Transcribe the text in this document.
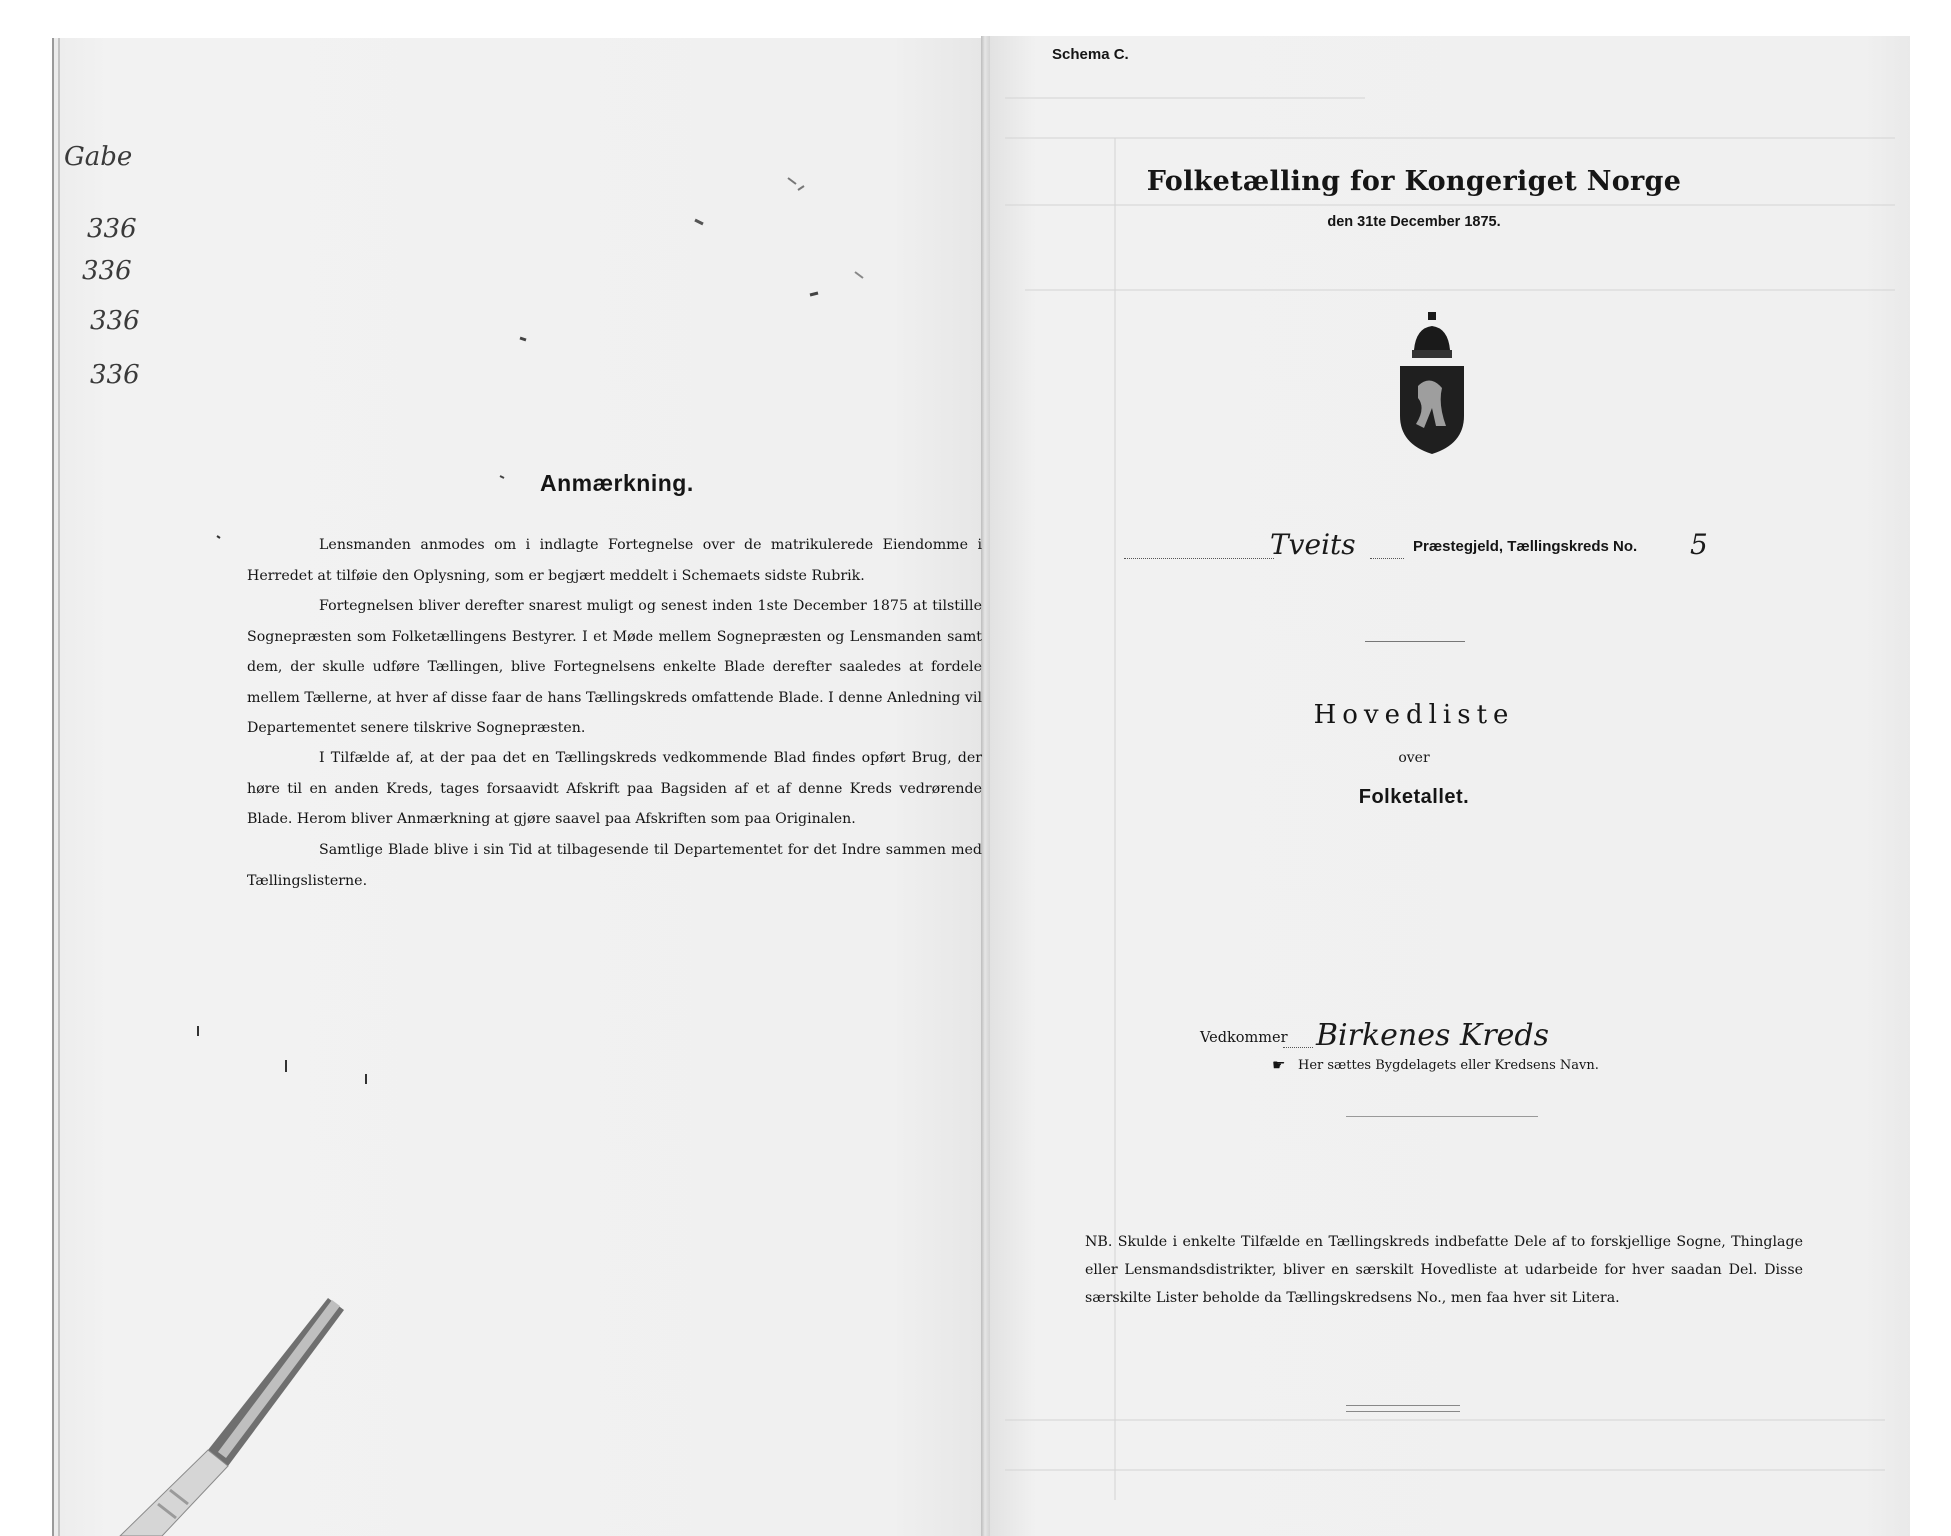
Gabe
336
336
336
336
Anmærkning.
Lensmanden anmodes om i indlagte Fortegnelse over de matrikulerede Eiendomme i Herredet at tilføie den Oplysning, som er begjært meddelt i Schemaets sidste Rubrik.
Fortegnelsen bliver derefter snarest muligt og senest inden 1ste December 1875 at tilstille Sognepræsten som Folketællingens Bestyrer. I et Møde mellem Sognepræsten og Lensmanden samt dem, der skulle udføre Tællingen, blive Fortegnelsens enkelte Blade derefter saaledes at fordele mellem Tællerne, at hver af disse faar de hans Tællingskreds omfattende Blade. I denne Anledning vil Departementet senere tilskrive Sognepræsten.
I Tilfælde af, at der paa det en Tællingskreds vedkommende Blad findes opført Brug, der høre til en anden Kreds, tages forsaavidt Afskrift paa Bagsiden af et af denne Kreds vedrørende Blade. Herom bliver Anmærkning at gjøre saavel paa Afskriften som paa Originalen.
Samtlige Blade blive i sin Tid at tilbagesende til Departementet for det Indre sammen med Tællingslisterne.
Schema C.
Folketælling for Kongeriget Norge
den 31te December 1875.
Tveits	Præstegjeld, Tællingskreds No. 5
Hovedliste
over
Folketallet.
Vedkommer Birkenes Kreds
☛ Her sættes Bygdelagets eller Kredsens Navn.
NB. Skulde i enkelte Tilfælde en Tællingskreds indbefatte Dele af to forskjellige Sogne, Thinglage eller Lensmandsdistrikter, bliver en særskilt Hovedliste at udarbeide for hver saadan Del. Disse særskilte Lister beholde da Tællingskredsens No., men faa hver sit Litera.
